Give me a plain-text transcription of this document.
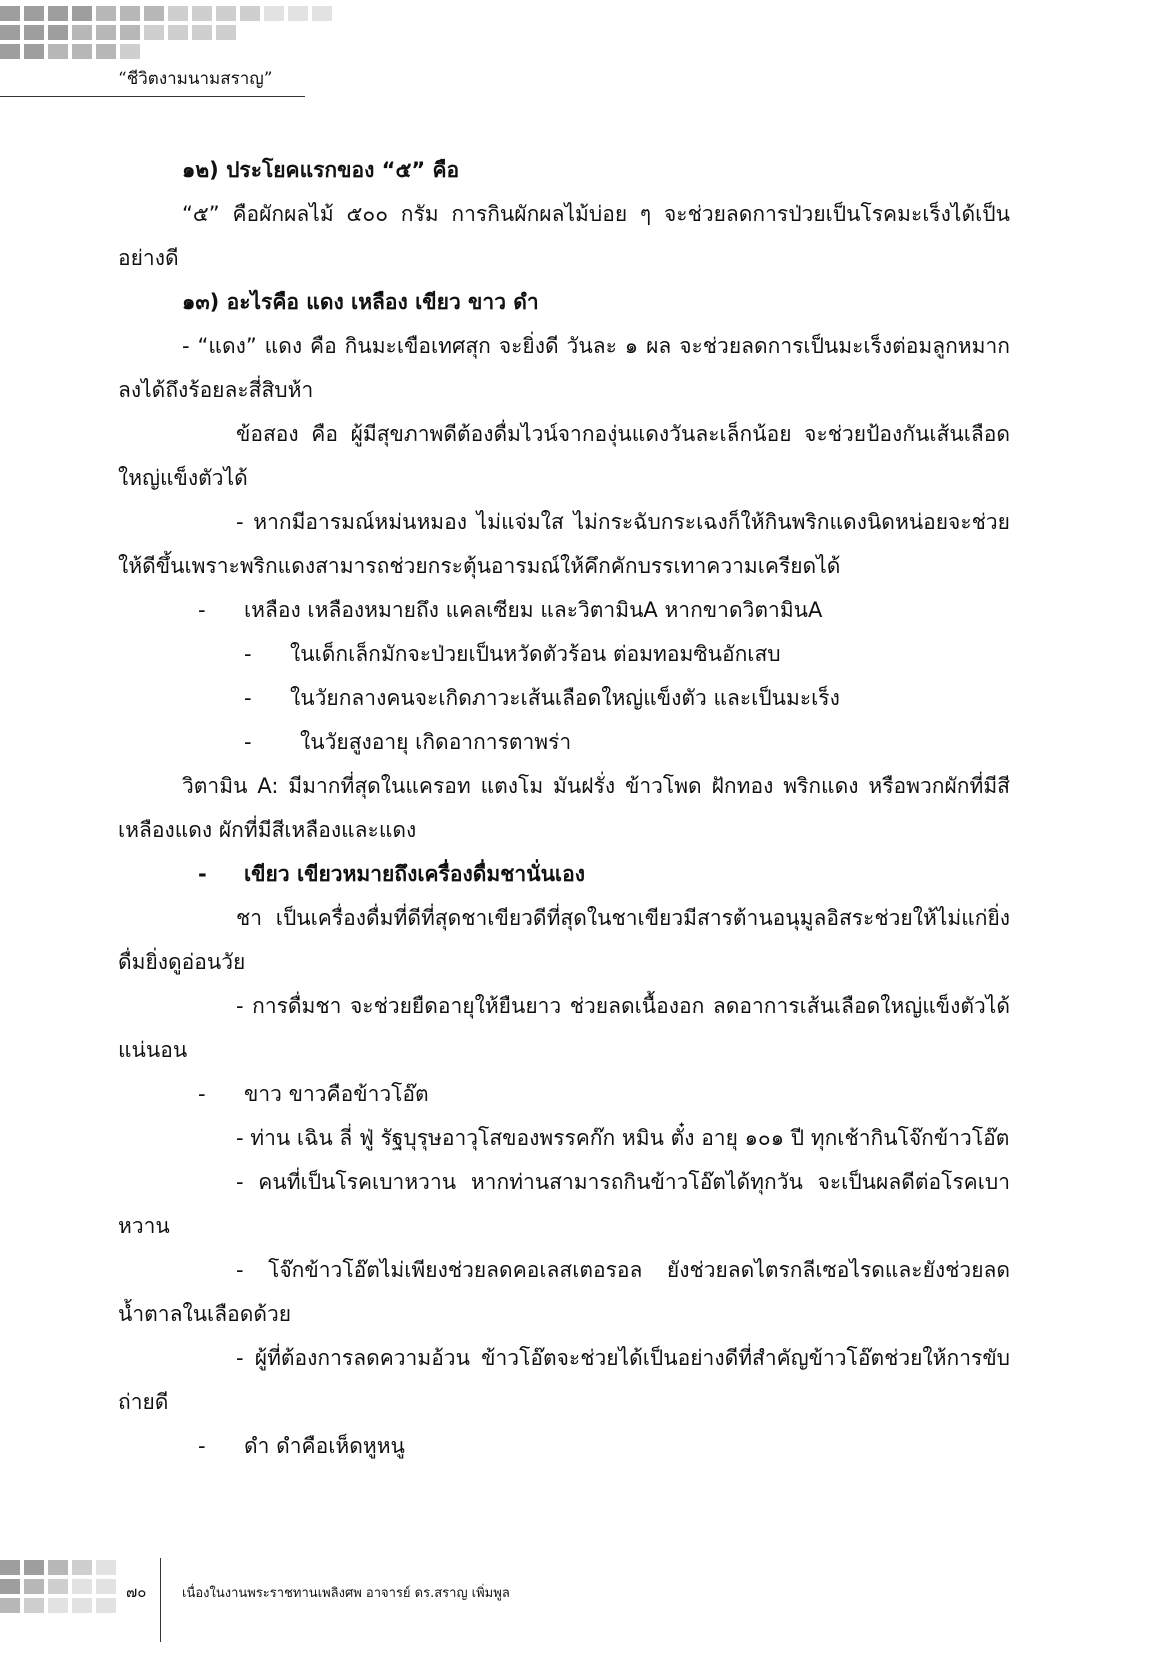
“ชีวิตงามนามสราญ”
๑๒) ประโยคแรกของ “๕” คือ
“๕” คือผักผลไม้ ๕๐๐ กรัม การกินผักผลไม้บ่อย ๆ จะช่วยลดการป่วยเป็นโรคมะเร็งได้เป็นอย่างดี
๑๓) อะไรคือ แดง เหลือง เขียว ขาว ดำ
- “แดง” แดง คือ กินมะเขือเทศสุก จะยิ่งดี วันละ ๑ ผล จะช่วยลดการเป็นมะเร็งต่อมลูกหมากลงได้ถึงร้อยละสี่สิบห้า
ข้อสอง คือ ผู้มีสุขภาพดีต้องดื่มไวน์จากองุ่นแดงวันละเล็กน้อย จะช่วยป้องกันเส้นเลือดใหญ่แข็งตัวได้
- หากมีอารมณ์หม่นหมอง ไม่แจ่มใส ไม่กระฉับกระเฉงก็ให้กินพริกแดงนิดหน่อยจะช่วยให้ดีขึ้นเพราะพริกแดงสามารถช่วยกระตุ้นอารมณ์ให้คึกคักบรรเทาความเครียดได้
-	เหลือง เหลืองหมายถึง แคลเซียม และวิตามินA หากขาดวิตามินA
-	ในเด็กเล็กมักจะป่วยเป็นหวัดตัวร้อน ต่อมทอมซินอักเสบ
-	ในวัยกลางคนจะเกิดภาวะเส้นเลือดใหญ่แข็งตัว และเป็นมะเร็ง
-	ในวัยสูงอายุ เกิดอาการตาพร่า
วิตามิน A: มีมากที่สุดในแครอท แตงโม มันฝรั่ง ข้าวโพด ฝักทอง พริกแดง หรือพวกผักที่มีสีเหลืองแดง ผักที่มีสีเหลืองและแดง
-	เขียว เขียวหมายถึงเครื่องดื่มชานั่นเอง
ชา เป็นเครื่องดื่มที่ดีที่สุดชาเขียวดีที่สุดในชาเขียวมีสารต้านอนุมูลอิสระช่วยให้ไม่แก่ยิ่งดื่มยิ่งดูอ่อนวัย
- การดื่มชา จะช่วยยืดอายุให้ยืนยาว ช่วยลดเนื้องอก ลดอาการเส้นเลือดใหญ่แข็งตัวได้แน่นอน
-	ขาว ขาวคือข้าวโอ๊ต
- ท่าน เฉิน ลี่ ฟู่ รัฐบุรุษอาวุโสของพรรคก๊ก หมิน ตั๋ง อายุ ๑๐๑ ปี ทุกเช้ากินโจ๊กข้าวโอ๊ต
- คนที่เป็นโรคเบาหวาน หากท่านสามารถกินข้าวโอ๊ตได้ทุกวัน จะเป็นผลดีต่อโรคเบาหวาน
- โจ๊กข้าวโอ๊ตไม่เพียงช่วยลดคอเลสเตอรอล ยังช่วยลดไตรกลีเซอไรดและยังช่วยลดน้ำตาลในเลือดด้วย
- ผู้ที่ต้องการลดความอ้วน ข้าวโอ๊ตจะช่วยได้เป็นอย่างดีที่สำคัญข้าวโอ๊ตช่วยให้การขับถ่ายดี
-	ดำ ดำคือเห็ดหูหนู
๗๐	เนื่องในงานพระราชทานเพลิงศพ อาจารย์ ดร.สราญ เพิ่มพูล
